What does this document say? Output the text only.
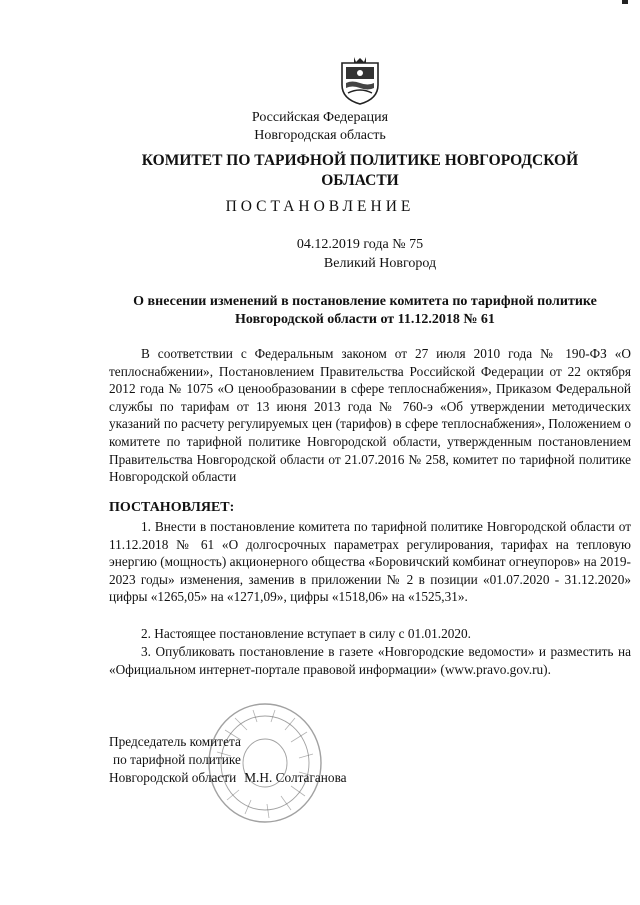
Российская Федерация
Новгородская область
КОМИТЕТ ПО ТАРИФНОЙ ПОЛИТИКЕ НОВГОРОДСКОЙ ОБЛАСТИ
ПОСТАНОВЛЕНИЕ
04.12.2019 года № 75
Великий Новгород
О внесении изменений в постановление комитета по тарифной политике Новгородской области от 11.12.2018 № 61
В соответствии с Федеральным законом от 27 июля 2010 года № 190-ФЗ «О теплоснабжении», Постановлением Правительства Российской Федерации от 22 октября 2012 года № 1075 «О ценообразовании в сфере теплоснабжения», Приказом Федеральной службы по тарифам от 13 июня 2013 года № 760-э «Об утверждении методических указаний по расчету регулируемых цен (тарифов) в сфере теплоснабжения», Положением о комитете по тарифной политике Новгородской области, утвержденным постановлением Правительства Новгородской области от 21.07.2016 № 258, комитет по тарифной политике Новгородской области
ПОСТАНОВЛЯЕТ:
1. Внести в постановление комитета по тарифной политике Новгородской области от 11.12.2018 № 61 «О долгосрочных параметрах регулирования, тарифах на тепловую энергию (мощность) акционерного общества «Боровичский комбинат огнеупоров» на 2019-2023 годы» изменения, заменив в приложении № 2 в позиции «01.07.2020 - 31.12.2020» цифры «1265,05» на «1271,09», цифры «1518,06» на «1525,31».
2. Настоящее постановление вступает в силу с 01.01.2020.
3. Опубликовать постановление в газете «Новгородские ведомости» и разместить на «Официальном интернет-портале правовой информации» (www.pravo.gov.ru).
Председатель комитета
по тарифной политике
Новгородской области М.Н. Солтаганова
